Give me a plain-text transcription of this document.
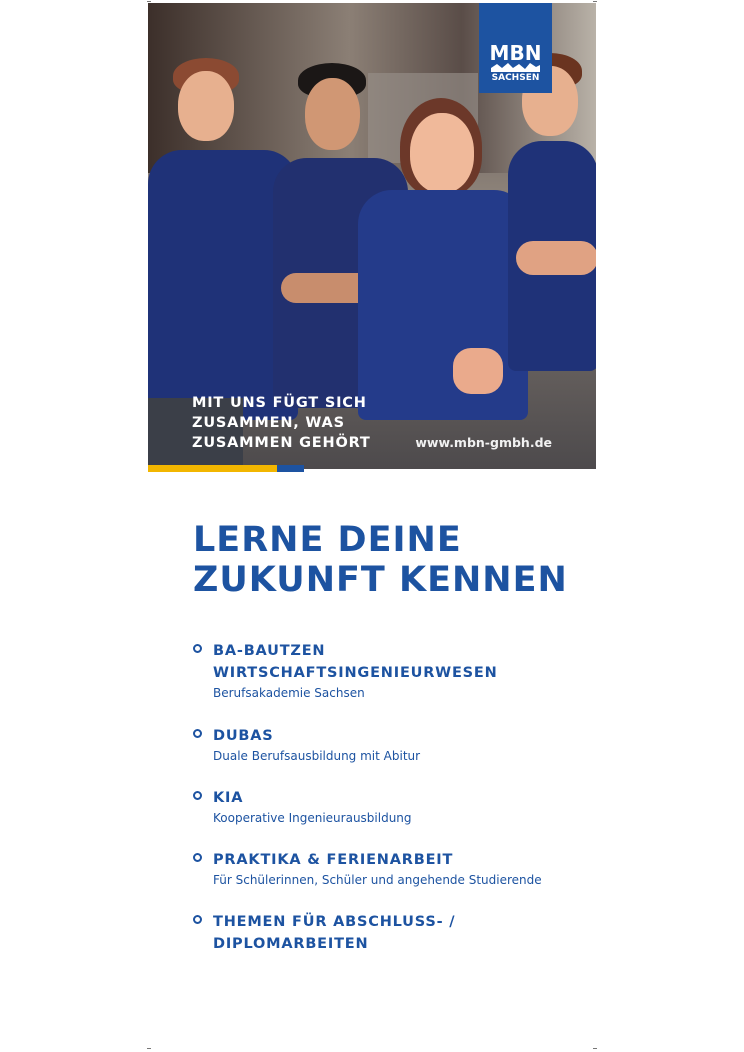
MBN
SACHSEN
MIT UNS FÜGT SICH
ZUSAMMEN, WAS
ZUSAMMEN GEHÖRT	www.mbn-gmbh.de
LERNE DEINE
ZUKUNFT KENNEN
BA-BAUTZEN
WIRTSCHAFTSINGENIEURWESEN
Berufsakademie Sachsen
DUBAS
Duale Berufsausbildung mit Abitur
KIA
Kooperative Ingenieurausbildung
PRAKTIKA & FERIENARBEIT
Für Schülerinnen, Schüler und angehende Studierende
THEMEN FÜR ABSCHLUSS- /
DIPLOMARBEITEN
